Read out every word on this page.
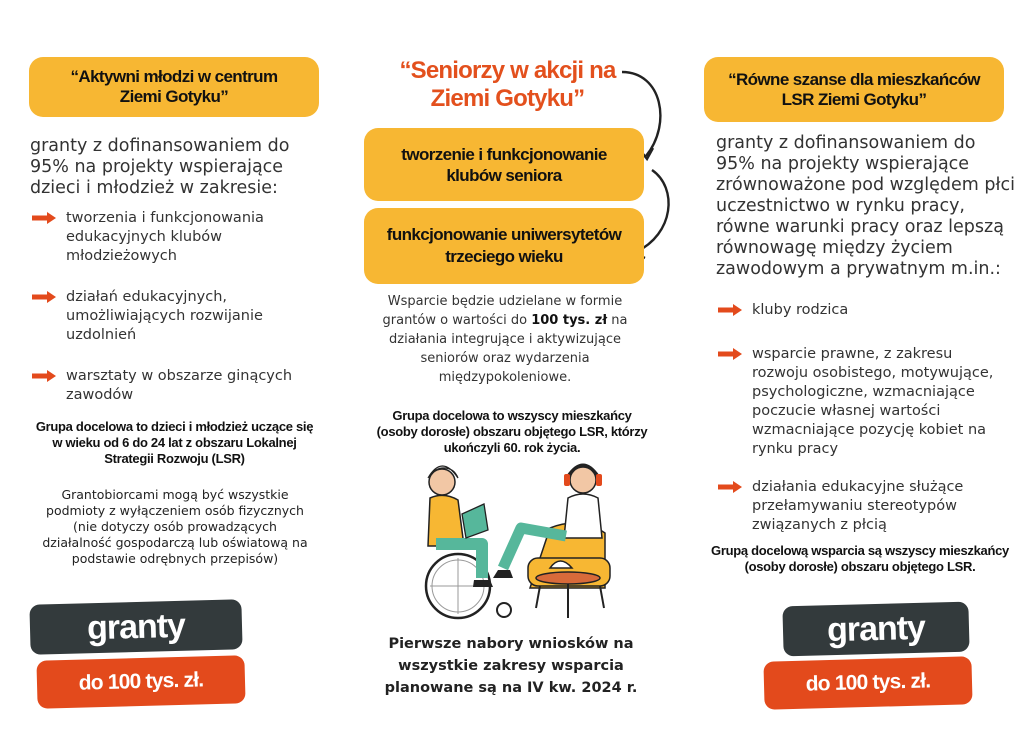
“Aktywni młodzi w centrum Ziemi Gotyku”
granty z dofinansowaniem do 95% na projekty wspierające dzieci i młodzież w zakresie:
tworzenia i funkcjonowania edukacyjnych klubów młodzieżowych
działań edukacyjnych, umożliwiających rozwijanie uzdolnień
warsztaty w obszarze ginących zawodów
Grupa docelowa to dzieci i młodzież uczące się w wieku od 6 do 24 lat z obszaru Lokalnej Strategii Rozwoju (LSR)
Grantobiorcami mogą być wszystkie podmioty z wyłączeniem osób fizycznych (nie dotyczy osób prowadzących działalność gospodarczą lub oświatową na podstawie odrębnych przepisów)
granty
do 100 tys. zł.
“Seniorzy w akcji na Ziemi Gotyku”
tworzenie i funkcjonowanie klubów seniora
funkcjonowanie uniwersytetów trzeciego wieku
Wsparcie będzie udzielane w formie grantów o wartości do 100 tys. zł na działania integrujące i aktywizujące seniorów oraz wydarzenia międzypokoleniowe.
Grupa docelowa to wszyscy mieszkańcy (osoby dorosłe) obszaru objętego LSR, którzy ukończyli 60. rok życia.
Pierwsze nabory wniosków na wszystkie zakresy wsparcia planowane są na IV kw. 2024 r.
“Równe szanse dla mieszkańców LSR Ziemi Gotyku”
granty z dofinansowaniem do 95% na projekty wspierające zrównoważone pod względem płci uczestnictwo w rynku pracy, równe warunki pracy oraz lepszą równowagę między życiem zawodowym a prywatnym m.in.:
kluby rodzica
wsparcie prawne, z zakresu rozwoju osobistego, motywujące, psychologiczne, wzmacniające poczucie własnej wartości wzmacniające pozycję kobiet na rynku pracy
działania edukacyjne służące przełamywaniu stereotypów związanych z płcią
Grupą docelową wsparcia są wszyscy mieszkańcy (osoby dorosłe) obszaru objętego LSR.
granty
do 100 tys. zł.
